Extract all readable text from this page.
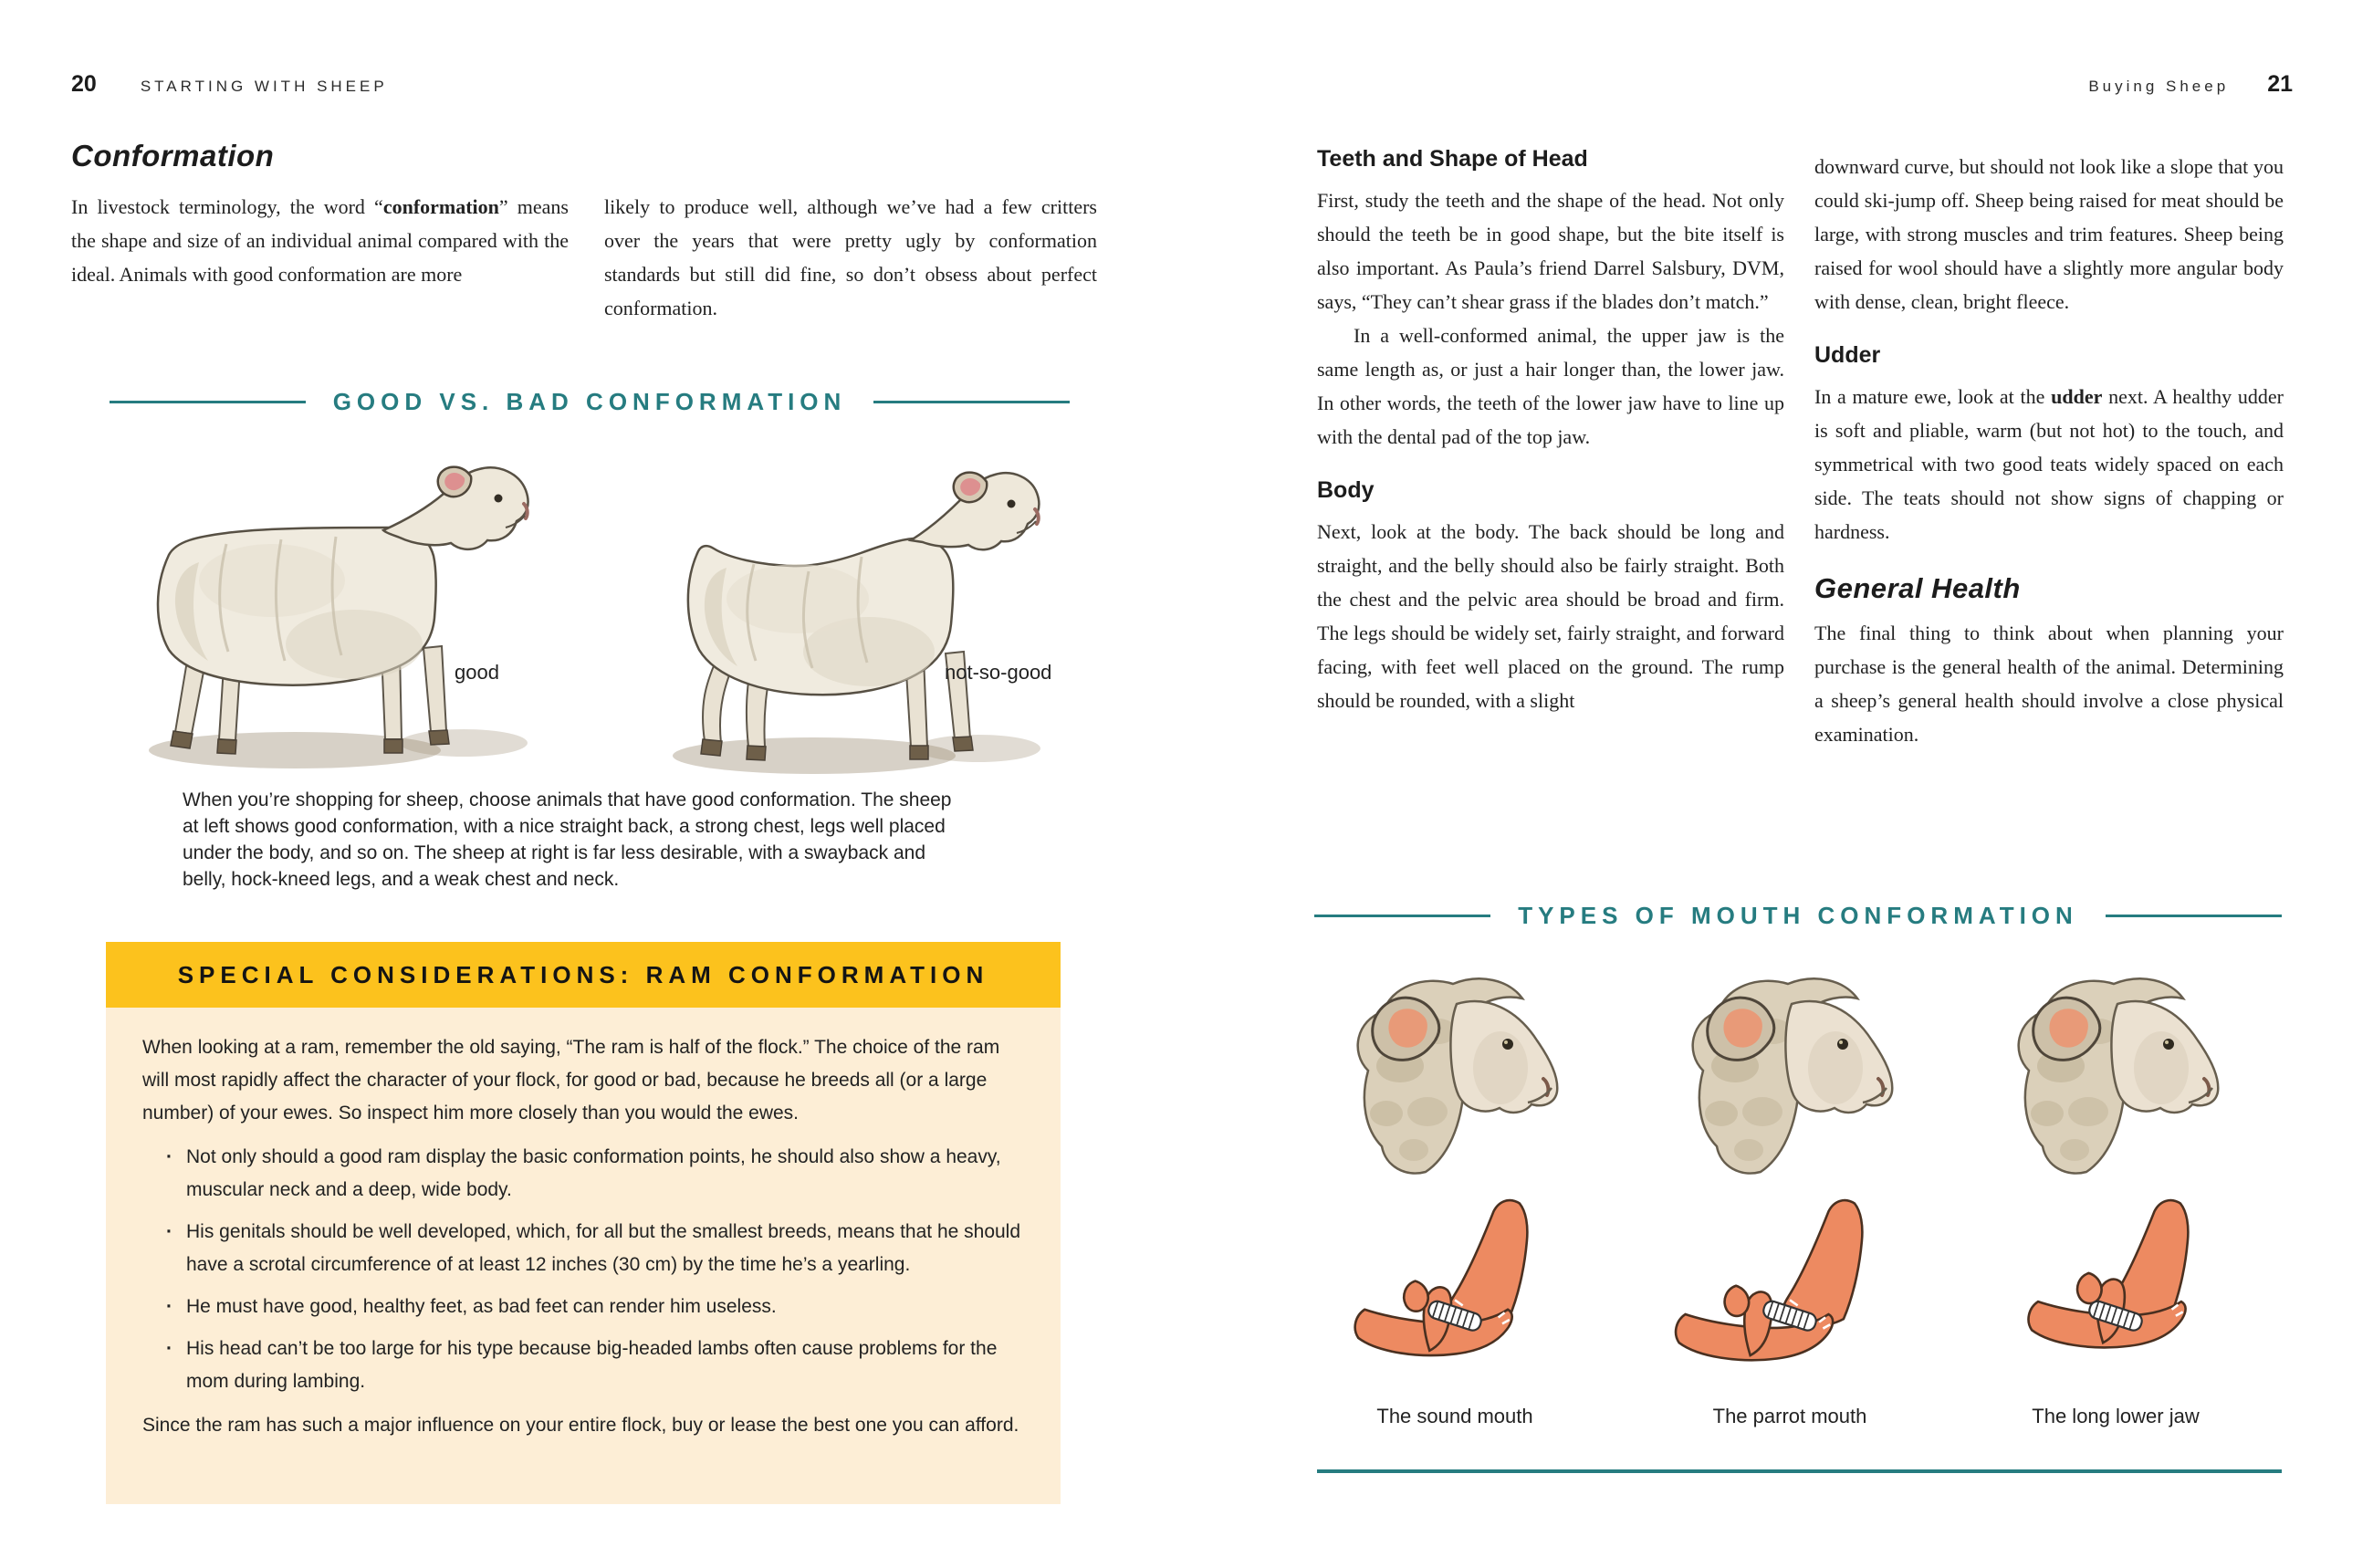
20	STARTING WITH SHEEP
Conformation

In livestock terminology, the word “conformation” means the shape and size of an individual animal compared with the ideal. Animals with good conformation are more

likely to produce well, although we’ve had a few critters over the years that were pretty ugly by conformation standards but still did fine, so don’t obsess about perfect conformation.

GOOD VS. BAD CONFORMATION
good	not-so-good
When you’re shopping for sheep, choose animals that have good conformation. The sheep at left shows good conformation, with a nice straight back, a strong chest, legs well placed under the body, and so on. The sheep at right is far less desirable, with a swayback and belly, hock-kneed legs, and a weak chest and neck.
SPECIAL CONSIDERATIONS: RAM CONFORMATION

When looking at a ram, remember the old saying, “The ram is half of the flock.” The choice of the ram will most rapidly affect the character of your flock, for good or bad, because he breeds all (or a large number) of your ewes. So inspect him more closely than you would the ewes.

· Not only should a good ram display the basic conformation points, he should also show a heavy, muscular neck and a deep, wide body.
· His genitals should be well developed, which, for all but the smallest breeds, means that he should have a scrotal circumference of at least 12 inches (30 cm) by the time he’s a yearling.
· He must have good, healthy feet, as bad feet can render him useless.
· His head can’t be too large for his type because big-headed lambs often cause problems for the mom during lambing.

Since the ram has such a major influence on your entire flock, buy or lease the best one you can afford.

Buying Sheep 21
Teeth and Shape of Head

First, study the teeth and the shape of the head. Not only should the teeth be in good shape, but the bite itself is also important. As Paula’s friend Darrel Salsbury, DVM, says, “They can’t shear grass if the blades don’t match.”

In a well-conformed animal, the upper jaw is the same length as, or just a hair longer than, the lower jaw. In other words, the teeth of the lower jaw have to line up with the dental pad of the top jaw.

Body

Next, look at the body. The back should be long and straight, and the belly should also be fairly straight. Both the chest and the pelvic area should be broad and firm. The legs should be widely set, fairly straight, and forward facing, with feet well placed on the ground. The rump should be rounded, with a slight

downward curve, but should not look like a slope that you could ski-jump off. Sheep being raised for meat should be large, with strong muscles and trim features. Sheep being raised for wool should have a slightly more angular body with dense, clean, bright fleece.

Udder

In a mature ewe, look at the udder next. A healthy udder is soft and pliable, warm (but not hot) to the touch, and symmetrical with two good teats widely spaced on each side. The teats should not show signs of chapping or hardness.

General Health

The final thing to think about when planning your purchase is the general health of the animal. Determining a sheep’s general health should involve a close physical examination.

TYPES OF MOUTH CONFORMATION
The sound mouth	The parrot mouth	The long lower jaw
